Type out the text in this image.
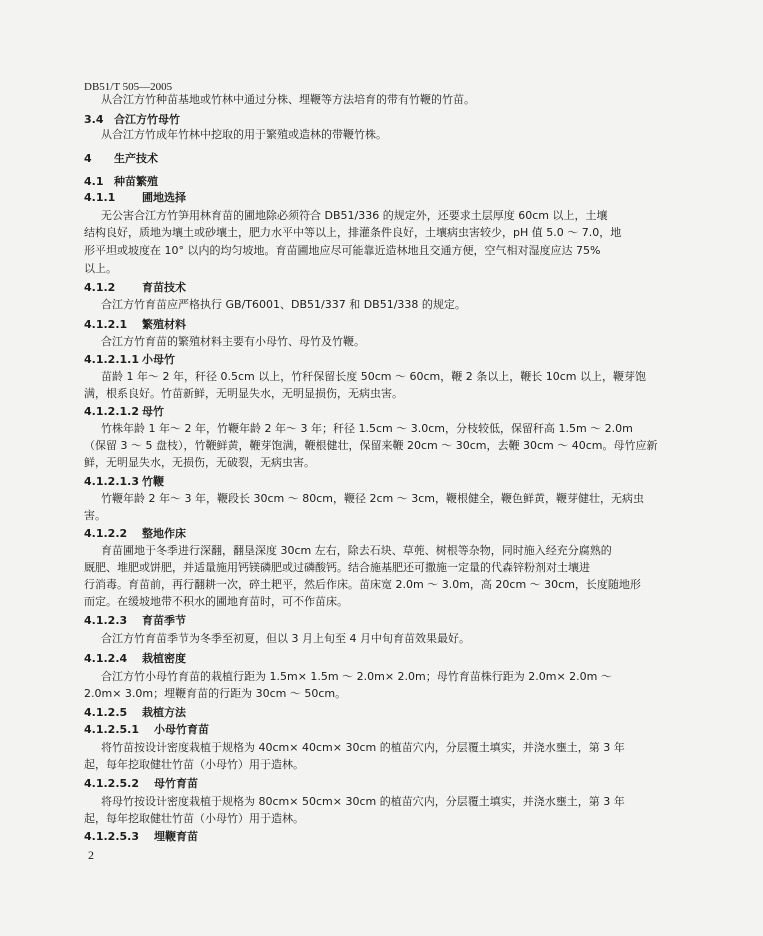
DB51/T 505—2005
从合江方竹种苗基地或竹林中通过分株、埋鞭等方法培育的带有竹鞭的竹苗。
3.4 合江方竹母竹
从合江方竹成年竹林中挖取的用于繁殖或造林的带鞭竹株。
4 生产技术
4.1 种苗繁殖
4.1.1 圃地选择
无公害合江方竹笋用林育苗的圃地除必须符合 DB51/336 的规定外，还要求土层厚度 60cm 以上，土壤
结构良好，质地为壤土或砂壤土，肥力水平中等以上，排灌条件良好，土壤病虫害较少，pH 值 5.0 ～ 7.0，地
形平坦或坡度在 10° 以内的均匀坡地。育苗圃地应尽可能靠近造林地且交通方便，空气相对湿度应达 75%
以上。
4.1.2 育苗技术
合江方竹育苗应严格执行 GB/T6001、DB51/337 和 DB51/338 的规定。
4.1.2.1 繁殖材料
合江方竹育苗的繁殖材料主要有小母竹、母竹及竹鞭。
4.1.2.1.1 小母竹
苗龄 1 年～ 2 年，秆径 0.5cm 以上，竹秆保留长度 50cm ～ 60cm，鞭 2 条以上，鞭长 10cm 以上，鞭芽饱
满，根系良好。竹苗新鲜，无明显失水，无明显损伤，无病虫害。
4.1.2.1.2 母竹
竹株年龄 1 年～ 2 年，竹鞭年龄 2 年～ 3 年；秆径 1.5cm ～ 3.0cm，分枝较低，保留秆高 1.5m ～ 2.0m
（保留 3 ～ 5 盘枝），竹鞭鲜黄，鞭芽饱满，鞭根健壮，保留来鞭 20cm ～ 30cm，去鞭 30cm ～ 40cm。母竹应新
鲜，无明显失水，无损伤，无破裂，无病虫害。
4.1.2.1.3 竹鞭
竹鞭年龄 2 年～ 3 年，鞭段长 30cm ～ 80cm，鞭径 2cm ～ 3cm，鞭根健全，鞭色鲜黄，鞭芽健壮，无病虫
害。
4.1.2.2 整地作床
育苗圃地于冬季进行深翻，翻垦深度 30cm 左右，除去石块、草蔸、树根等杂物，同时施入经充分腐熟的
厩肥、堆肥或饼肥，并适量施用钙镁磷肥或过磷酸钙。结合施基肥还可撒施一定量的代森锌粉剂对土壤进
行消毒。育苗前，再行翻耕一次，碎土耙平，然后作床。苗床宽 2.0m ～ 3.0m，高 20cm ～ 30cm，长度随地形
而定。在缓坡地带不积水的圃地育苗时，可不作苗床。
4.1.2.3 育苗季节
合江方竹育苗季节为冬季至初夏，但以 3 月上旬至 4 月中旬育苗效果最好。
4.1.2.4 栽植密度
合江方竹小母竹育苗的栽植行距为 1.5m× 1.5m ～ 2.0m× 2.0m；母竹育苗株行距为 2.0m× 2.0m ～
2.0m× 3.0m；埋鞭育苗的行距为 30cm ～ 50cm。
4.1.2.5 栽植方法
4.1.2.5.1 小母竹育苗
将竹苗按设计密度栽植于规格为 40cm× 40cm× 30cm 的植苗穴内，分层覆土填实，并浇水壅土，第 3 年
起，每年挖取健壮竹苗（小母竹）用于造林。
4.1.2.5.2 母竹育苗
将母竹按设计密度栽植于规格为 80cm× 50cm× 30cm 的植苗穴内，分层覆土填实，并浇水壅土，第 3 年
起，每年挖取健壮竹苗（小母竹）用于造林。
4.1.2.5.3 埋鞭育苗
2
